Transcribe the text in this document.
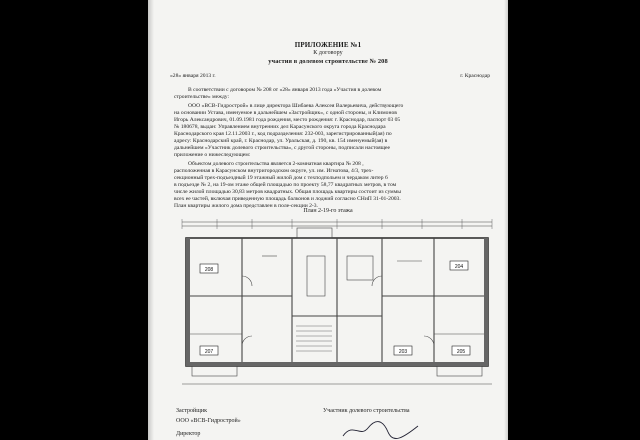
ПРИЛОЖЕНИЕ №1
К договору
участия в долевом строительстве № 208
«28» января 2013 г.	г. Краснодар
В соответствии с договором № 208 от «28» января 2013 года «Участия в долевом
строительстве» между:
ООО «ВСВ-Гидрострой» в лице директора Шибаева Алексея Валерьевича, действующего
на основании Устава, именуемое в дальнейшем «Застройщик», с одной стороны, и Климонов
Игорь Александрович, 01.09.1981 года рождения, место рождения: г. Краснодар, паспорт 03 05
№ 180678, выдан: Управлением внутренних дел Карасунского округа города Краснодара
Краснодарского края 12.11.2003 г., код подразделения: 232-003, зарегистрированный(ая) по
адресу: Краснодарский край, г. Краснодар, ул. Уральская, д. 190, кв. 154 именуемый(ая) в
дальнейшем «Участник долевого строительства», с другой стороны, подписали настоящее
приложение о нижеследующем:
Объектом долевого строительства является 2-комнатная квартира № 208 ,
расположенная в Карасунском внутригородском округе, ул. им. Игнатова, 4/3, трех-
секционный трех-подъездный 19 этажный жилой дом с техподпольем и чердаком литер 6
в подъезде № 2, на 19-ом этаже общей площадью по проекту 58,77 квадратных метров, в том
числе жилой площадью 30,83 метров квадратных. Общая площадь квартиры состоит из суммы
всех ее частей, включая приведенную площадь балконов и лоджий согласно СНиП 31-01-2003.
План квартиры жилого дома представлен в поле-секции 2-3.
План 2-19-го этажа
208	204
207	203	205
Застройщик
ООО «ВСВ-Гидрострой»
Директор
Участник долевого строительства
